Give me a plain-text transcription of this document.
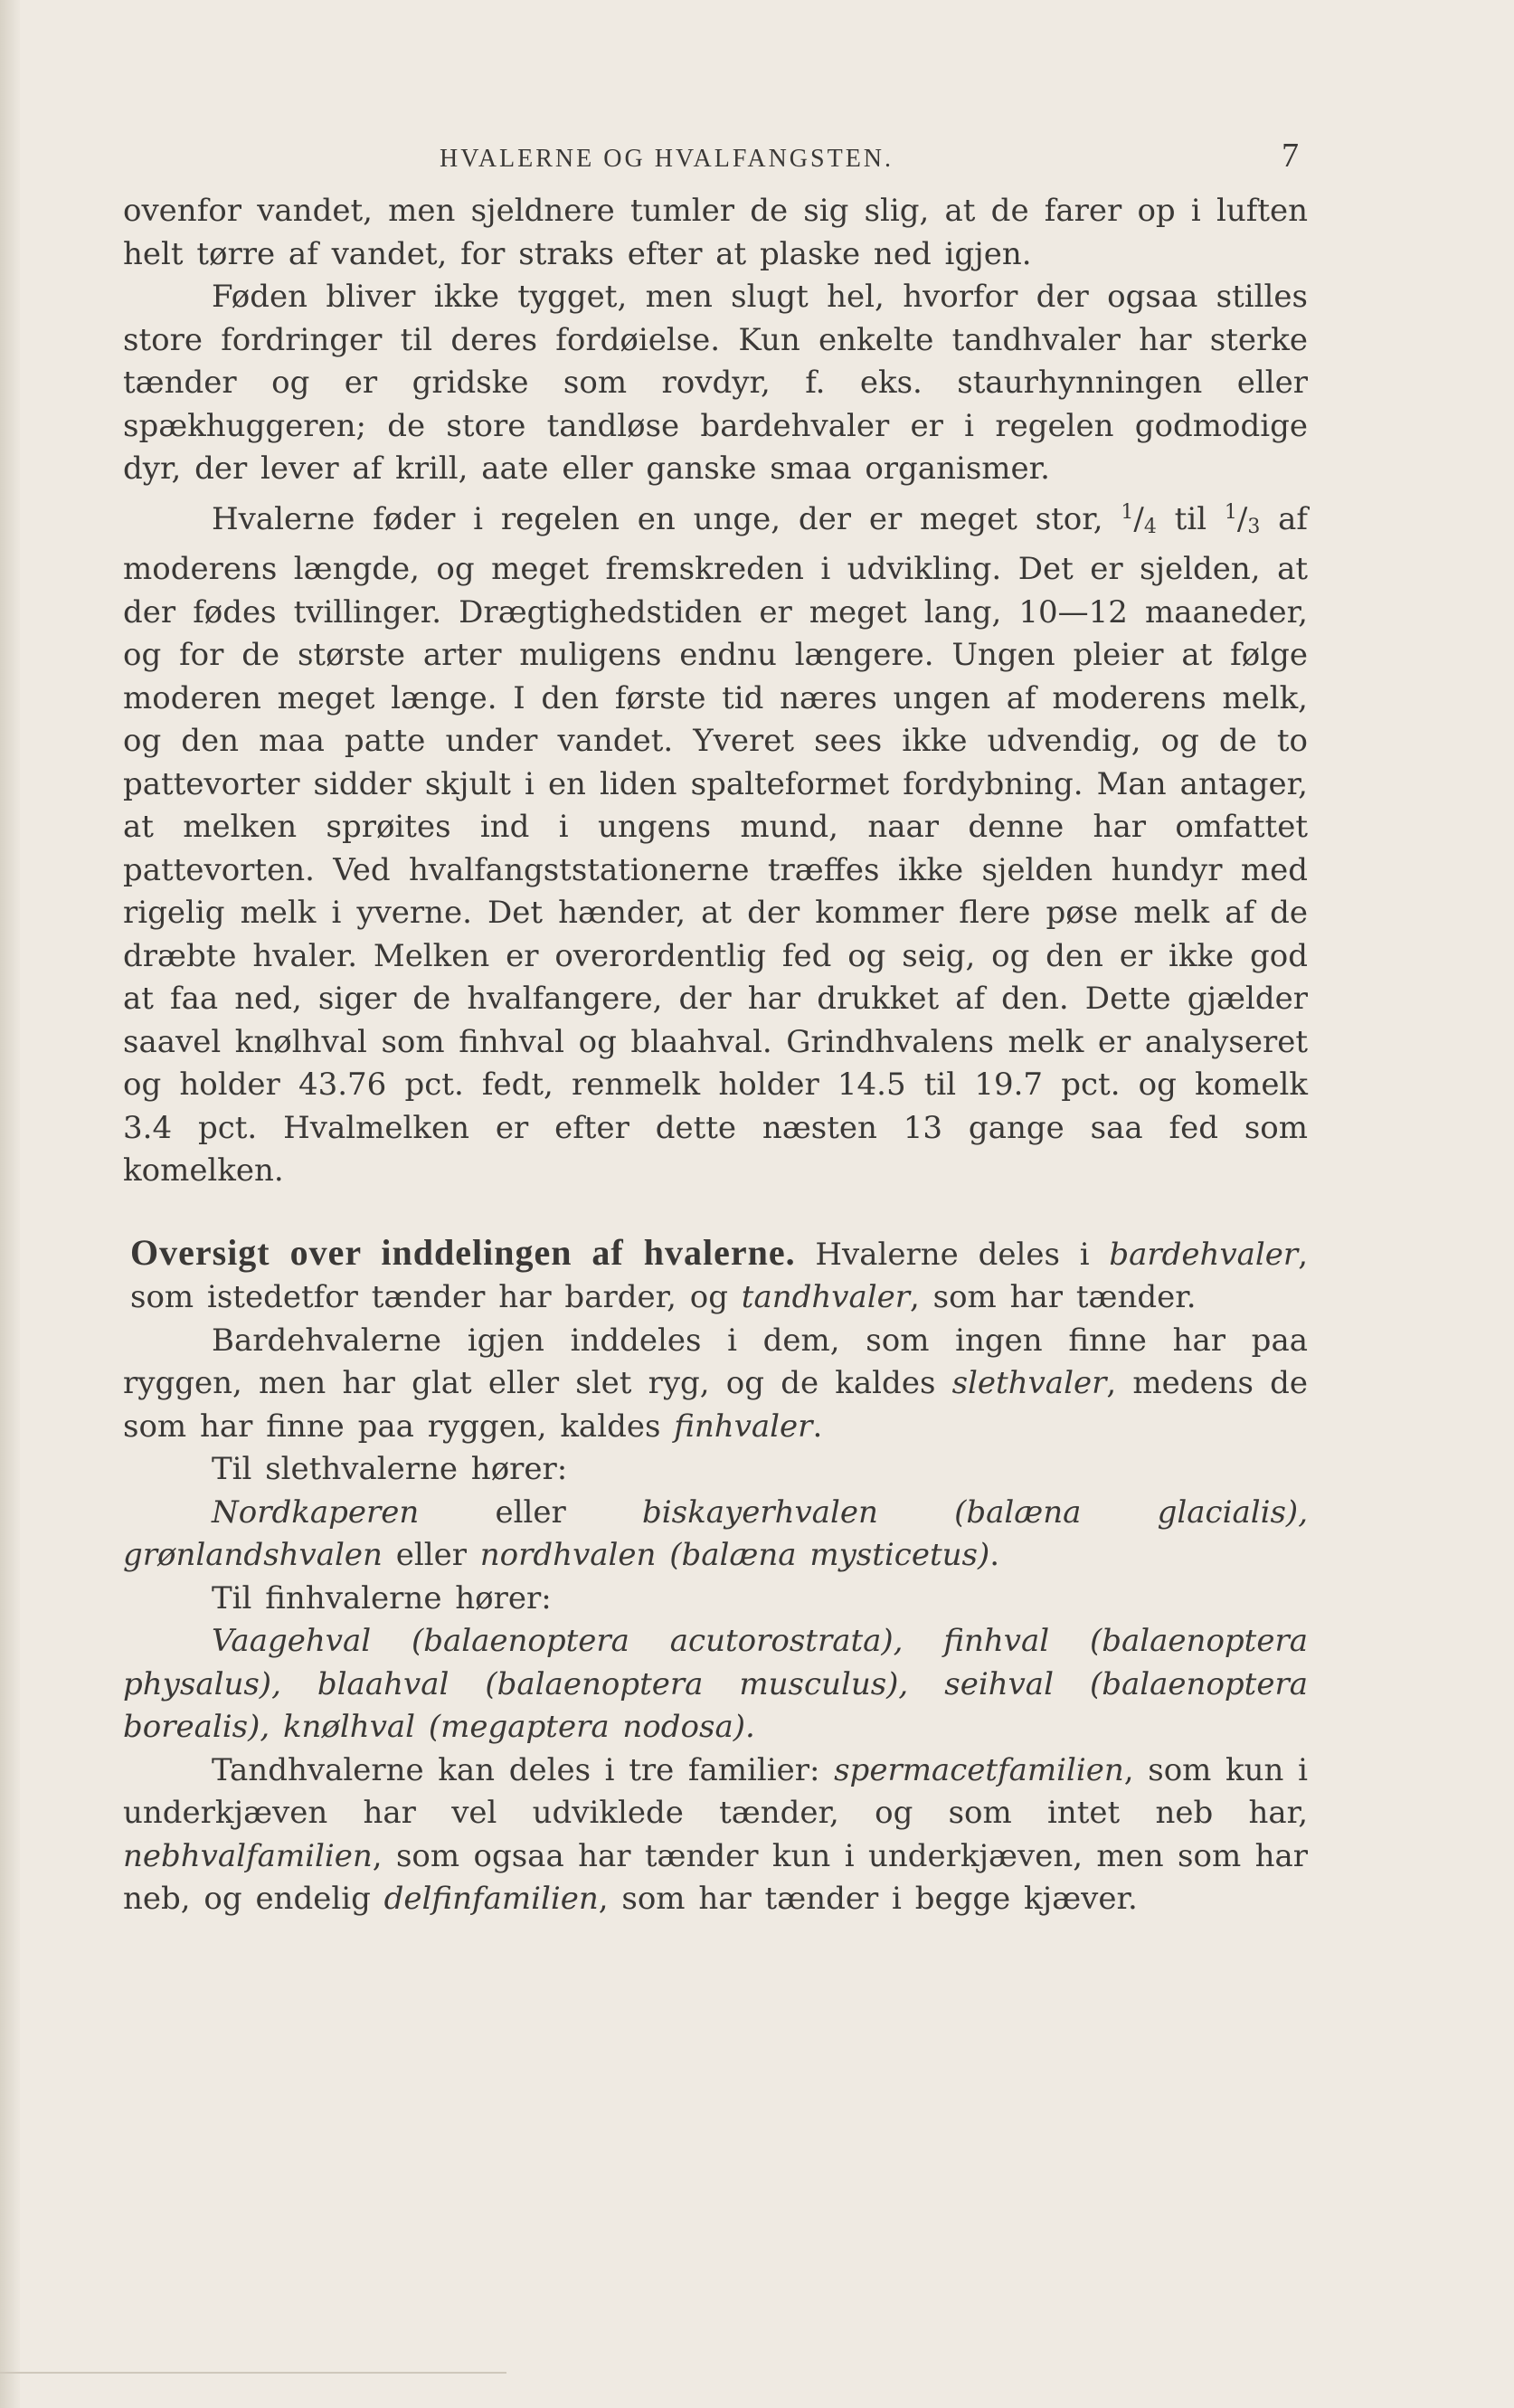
HVALERNE OG HVALFANGSTEN.	7

ovenfor vandet, men sjeldnere tumler de sig slig, at de farer op i luften helt tørre af vandet, for straks efter at plaske ned igjen.

Føden bliver ikke tygget, men slugt hel, hvorfor der ogsaa stilles store fordringer til deres fordøielse. Kun enkelte tandhvaler har sterke tænder og er gridske som rovdyr, f. eks. staurhynningen eller spækhuggeren; de store tandløse bardehvaler er i regelen godmodige dyr, der lever af krill, aate eller ganske smaa organismer.

Hvalerne føder i regelen en unge, der er meget stor, $^1$/4 til $^1$/3 af moderens længde, og meget fremskreden i udvikling. Det er sjelden, at der fødes tvillinger. Drægtighedstiden er meget lang, 10—12 maaneder, og for de største arter muligens endnu længere. Ungen pleier at følge moderen meget længe. I den første tid næres ungen af moderens melk, og den maa patte under vandet. Yveret sees ikke udvendig, og de to pattevorter sidder skjult i en liden spalteformet fordybning. Man antager, at melken sprøites ind i ungens mund, naar denne har omfattet pattevorten. Ved hvalfangststationerne træffes ikke sjelden hundyr med rigelig melk i yverne. Det hænder, at der kommer flere pøse melk af de dræbte hvaler. Melken er overordentlig fed og seig, og den er ikke god at faa ned, siger de hvalfangere, der har drukket af den. Dette gjælder saavel knølhval som finhval og blaahval. Grindhvalens melk er analyseret og holder 43.76 pct. fedt, renmelk holder 14.5 til 19.7 pct. og komelk 3.4 pct. Hvalmelken er efter dette næsten 13 gange saa fed som komelken.

Oversigt over inddelingen af hvalerne. Hvalerne deles i bardehvaler, som istedetfor tænder har barder, og tandhvaler, som har tænder.

Bardehvalerne igjen inddeles i dem, som ingen finne har paa ryggen, men har glat eller slet ryg, og de kaldes slethvaler, medens de som har finne paa ryggen, kaldes finhvaler.

Til slethvalerne hører:

Nordkaperen eller biskayerhvalen (balæna glacialis), grønlandshvalen eller nordhvalen (balæna mysticetus).

Til finhvalerne hører:

Vaagehval (balaenoptera acutorostrata), finhval (balaenoptera physalus), blaahval (balaenoptera musculus), seihval (balaenoptera borealis), knølhval (megaptera nodosa).

Tandhvalerne kan deles i tre familier: spermacetfamilien, som kun i underkjæven har vel udviklede tænder, og som intet neb har, nebhvalfamilien, som ogsaa har tænder kun i underkjæven, men som har neb, og endelig delfinfamilien, som har tænder i begge kjæver.
